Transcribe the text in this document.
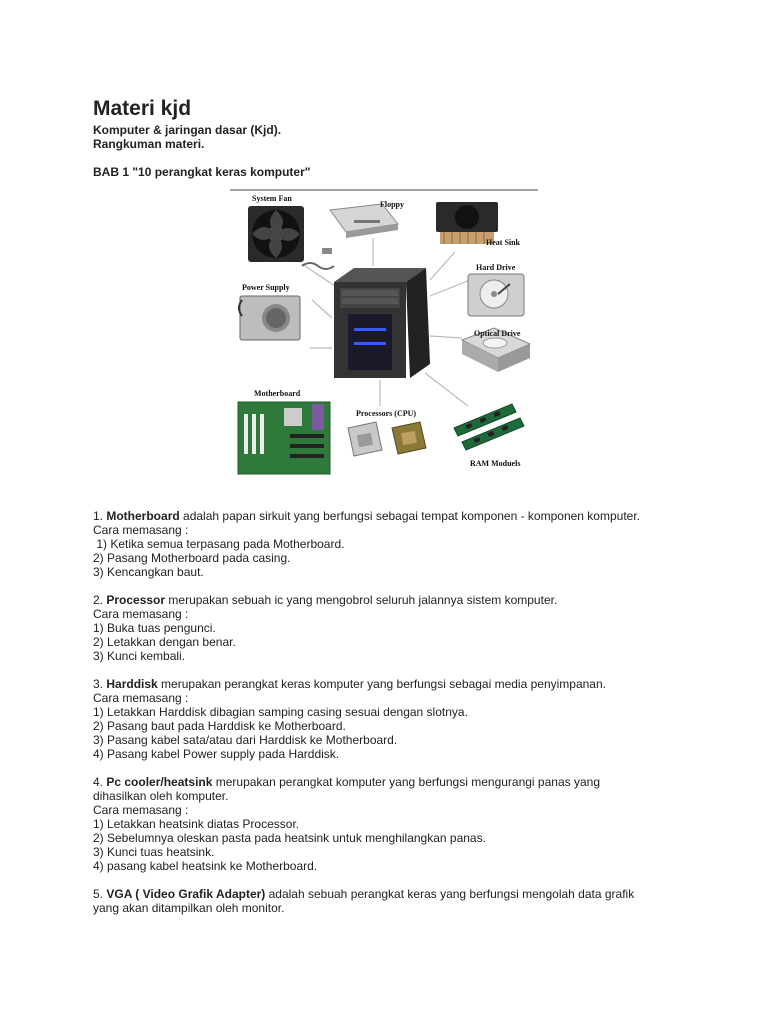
Materi kjd
Komputer & jaringan dasar (Kjd).
Rangkuman materi.
BAB 1 "10 perangkat keras komputer"
System Fan
Floppy
Heat Sink
Hard Drive
Power Supply
Optical Drive
Motherboard
Processors (CPU)
RAM Moduels

1. Motherboard adalah papan sirkuit yang berfungsi sebagai tempat komponen - komponen komputer.

Cara memasang :

1) Ketika semua terpasang pada Motherboard.
2) Pasang Motherboard pada casing.
3) Kencangkan baut.

2. Processor merupakan sebuah ic yang mengobrol seluruh jalannya sistem komputer.

Cara memasang :

1) Buka tuas pengunci.
2) Letakkan dengan benar.
3) Kunci kembali.

3. Harddisk merupakan perangkat keras komputer yang berfungsi sebagai media penyimpanan.

Cara memasang :

1) Letakkan Harddisk dibagian samping casing sesuai dengan slotnya.
2) Pasang baut pada Harddisk ke Motherboard.
3) Pasang kabel sata/atau dari Harddisk ke Motherboard.
4) Pasang kabel Power supply pada Harddisk.

4. Pc cooler/heatsink merupakan perangkat komputer yang berfungsi mengurangi panas yang dihasilkan oleh komputer.

Cara memasang :

1) Letakkan heatsink diatas Processor.
2) Sebelumnya oleskan pasta pada heatsink untuk menghilangkan panas.
3) Kunci tuas heatsink.
4) pasang kabel heatsink ke Motherboard.

5. VGA ( Video Grafik Adapter) adalah sebuah perangkat keras yang berfungsi mengolah data grafik yang akan ditampilkan oleh monitor.
